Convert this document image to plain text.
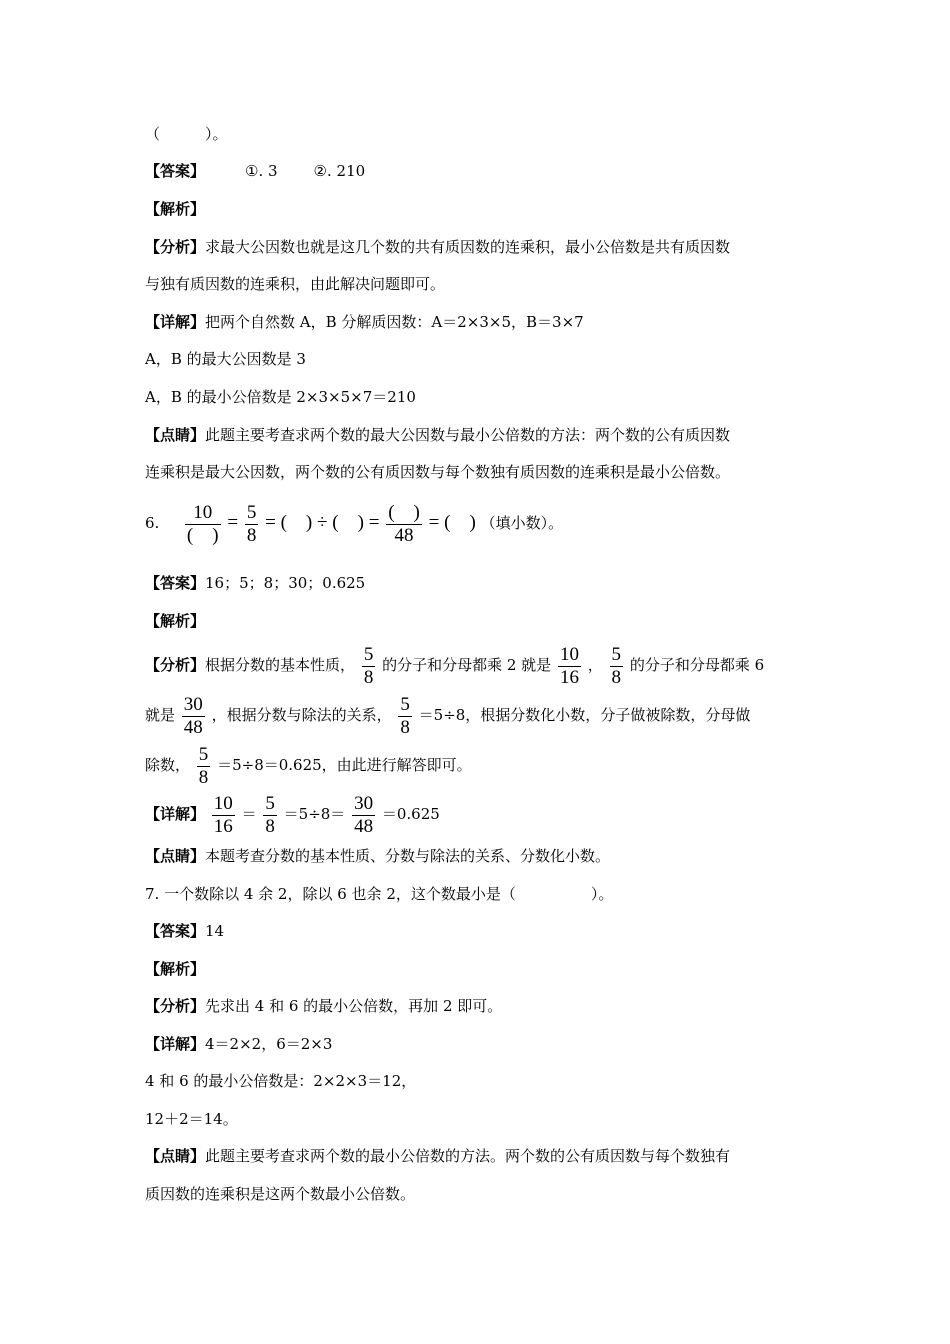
（　　　）。
【答案】	①. 3 ②. 210
【解析】
【分析】求最大公因数也就是这几个数的共有质因数的连乘积，最小公倍数是共有质因数
与独有质因数的连乘积，由此解决问题即可。
【详解】把两个自然数 A，B 分解质因数：A＝2×3×5，B＝3×7
A，B 的最大公因数是 3
A，B 的最小公倍数是 2×3×5×7＝210
【点睛】此题主要考查求两个数的最大公因数与最小公倍数的方法：两个数的公有质因数
连乘积是最大公因数，两个数的公有质因数与每个数独有质因数的连乘积是最小公倍数。
6. $\frac{10}{( )} = \frac{5}{8}$ = (　) ÷ (　) = $\frac{( )}{48}$ = (　) （填小数）。
【答案】16；5；8；30；0.625
【解析】
【分析】根据分数的基本性质， $\frac{5}{8}$ 的分子和分母都乘 2 就是 $\frac{10}{16}$ ， $\frac{5}{8}$ 的分子和分母都乘 6
就是 $\frac{30}{48}$ ，根据分数与除法的关系， $\frac{5}{8} =5\div 8$，根据分数化小数，分子做被除数，分母做
除数， $\frac{5}{8} =5\div 8=0.625$，由此进行解答即可。
【详解】 $\frac{10}{16} = \frac{5}{8} =5\div 8= \frac{30}{48} =0.625$
【点睛】本题考查分数的基本性质、分数与除法的关系、分数化小数。
7. 一个数除以 4 余 2，除以 6 也余 2，这个数最小是（　　　　　）。
【答案】14
【解析】
【分析】先求出 4 和 6 的最小公倍数，再加 2 即可。
【详解】4＝2×2，6＝2×3
4 和 6 的最小公倍数是：2×2×3＝12，
12＋2＝14。
【点睛】此题主要考查求两个数的最小公倍数的方法。两个数的公有质因数与每个数独有
质因数的连乘积是这两个数最小公倍数。
